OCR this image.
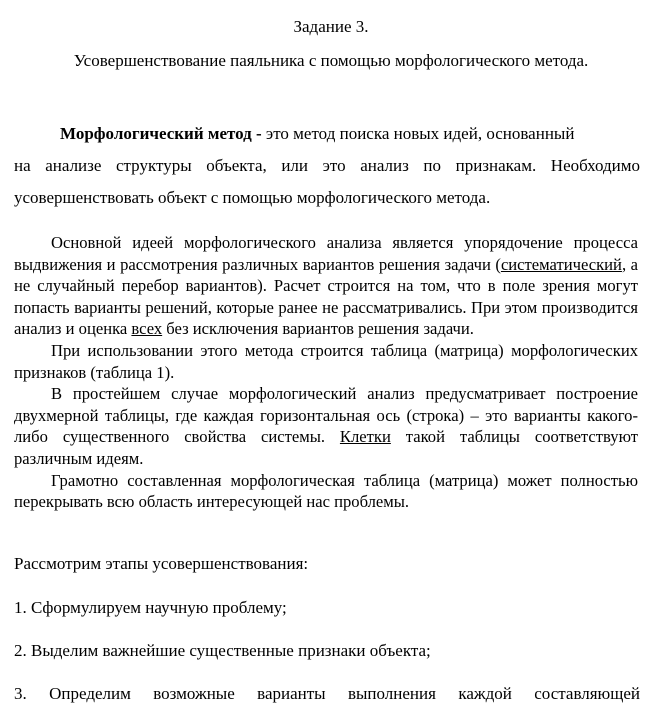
Задание 3.
Усовершенствование паяльника с помощью морфологического метода.
Морфологический метод - это метод поиска новых идей, основанный
на анализе структуры объекта, или это анализ по признакам. Необходимо
усовершенствовать объект с помощью морфологического метода.

Основной идеей морфологического анализа является упорядочение процесса выдвижения и рассмотрения различных вариантов решения задачи (систематический, а не случайный перебор вариантов). Расчет строится на том, что в поле зрения могут попасть варианты решений, которые ранее не рассматривались. При этом производится анализ и оценка всех без исключения вариантов решения задачи.

При использовании этого метода строится таблица (матрица) морфологических признаков (таблица 1).

В простейшем случае морфологический анализ предусматривает построение двухмерной таблицы, где каждая горизонтальная ось (строка) – это варианты какого-либо существенного свойства системы. Клетки такой таблицы соответствуют различным идеям.

Грамотно составленная морфологическая таблица (матрица) может полностью перекрывать всю область интересующей нас проблемы.

Рассмотрим этапы усовершенствования:
1. Сформулируем научную проблему;
2. Выделим важнейшие существенные признаки объекта;
3. Определим возможные варианты выполнения каждой составляющей
